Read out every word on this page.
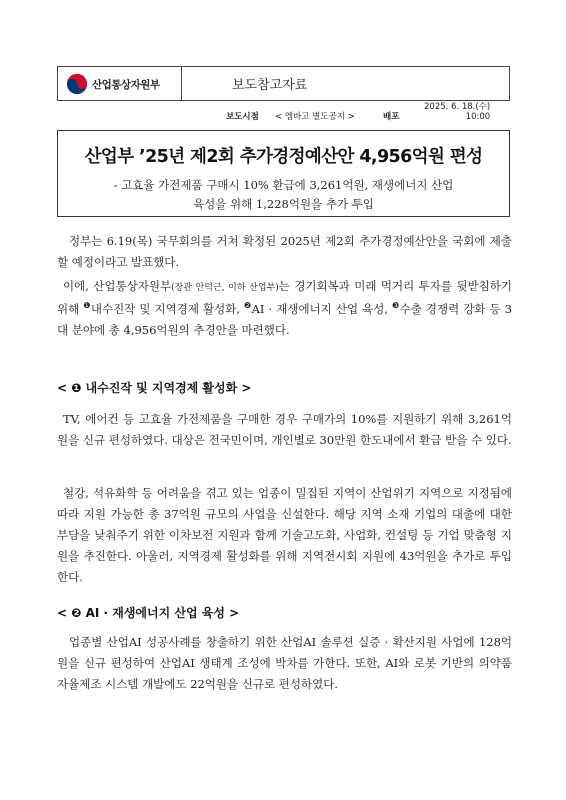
산업통상자원부	보도참고자료
보도시점 < 엠바고 별도공지 >	배포
2025. 6. 18.(수)
10:00
산업부 ’25년 제2회 추가경정예산안 4,956억원 편성
- 고효율 가전제품 구매시 10% 환급에 3,261억원, 재생에너지 산업
육성을 위해 1,228억원을 추가 투입
정부는 6.19(목) 국무회의를 거쳐 확정된 2025년 제2회 추가경정예산안을 국회에 제출할 예정이라고 발표했다.
이에, 산업통상자원부(장관 안덕근, 이하 산업부)는 경기회복과 미래 먹거리 투자를 뒷받침하기 위해 $^❶$내수진작 및 지역경제 활성화, $^❷$AI · 재생에너지 산업 육성, $^❸$수출 경쟁력 강화 등 3대 분야에 총 4,956억원의 추경안을 마련했다.
< ❶ 내수진작 및 지역경제 활성화 >
TV, 에어컨 등 고효율 가전제품을 구매한 경우 구매가의 10%를 지원하기 위해 3,261억원을 신규 편성하였다. 대상은 전국민이며, 개인별로 30만원 한도내에서 환급 받을 수 있다.
철강, 석유화학 등 어려움을 겪고 있는 업종이 밀집된 지역이 산업위기 지역으로 지정됨에 따라 지원 가능한 총 37억원 규모의 사업을 신설한다. 해당 지역 소재 기업의 대출에 대한 부담을 낮춰주기 위한 이차보전 지원과 함께 기술고도화, 사업화, 컨설팅 등 기업 맞춤형 지원을 추진한다. 아울러, 지역경제 활성화를 위해 지역전시회 지원에 43억원을 추가로 투입한다.
< ❷ AI · 재생에너지 산업 육성 >
업종별 산업AI 성공사례를 창출하기 위한 산업AI 솔루션 실증 · 확산지원 사업에 128억원을 신규 편성하여 산업AI 생태계 조성에 박차를 가한다. 또한, AI와 로봇 기반의 의약품 자율제조 시스템 개발에도 22억원을 신규로 편성하였다.
